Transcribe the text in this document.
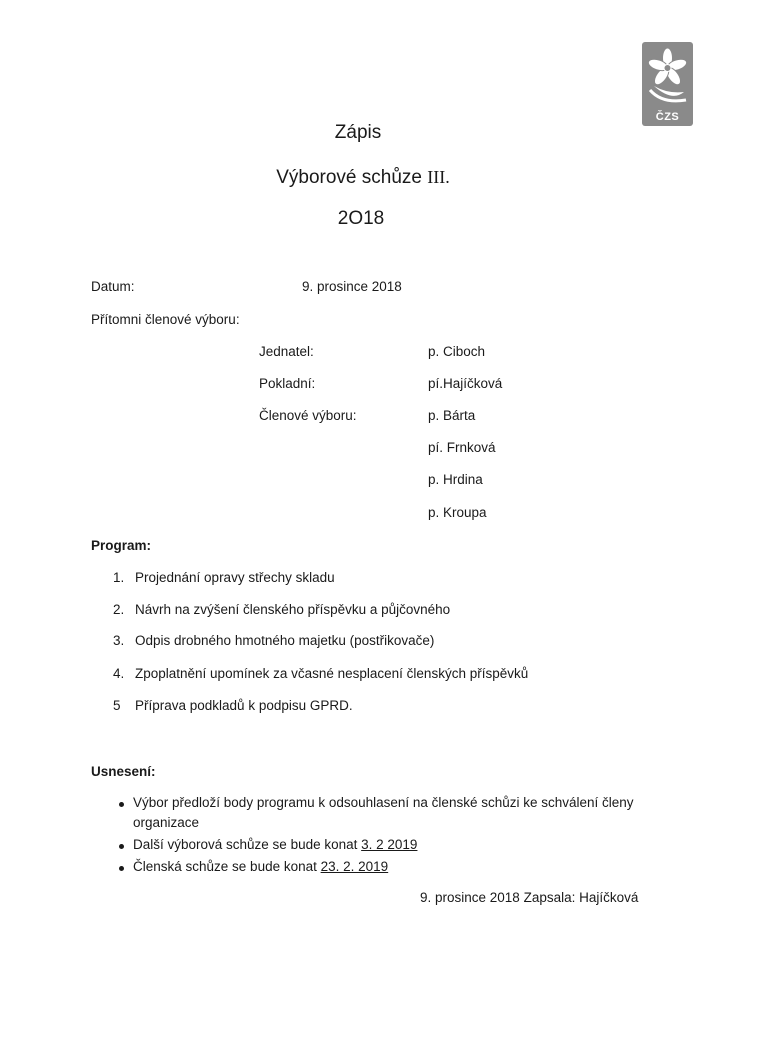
ČZS
Zápis
Výborové schůze III.
2O18
Datum:	9. prosince 2018
Přítomni členové výboru:
Jednatel:	p. Ciboch
Pokladní:	pí.Hajíčková
Členové výboru:	p. Bárta
pí. Frnková
p. Hrdina
p. Kroupa
Program:
1. Projednání opravy střechy skladu
2. Návrh na zvýšení členského příspěvku a půjčovného
3. Odpis drobného hmotného majetku (postřikovače)
4. Zpoplatnění upomínek za včasné nesplacení členských příspěvků
5 Příprava podkladů k podpisu GPRD.
Usnesení:
Výbor předloží body programu k odsouhlasení na členské schůzi ke schválení členy
organizace
Další výborová schůze se bude konat 3. 2 2019
Členská schůze se bude konat 23. 2. 2019
9. prosince 2018 Zapsala: Hajíčková
